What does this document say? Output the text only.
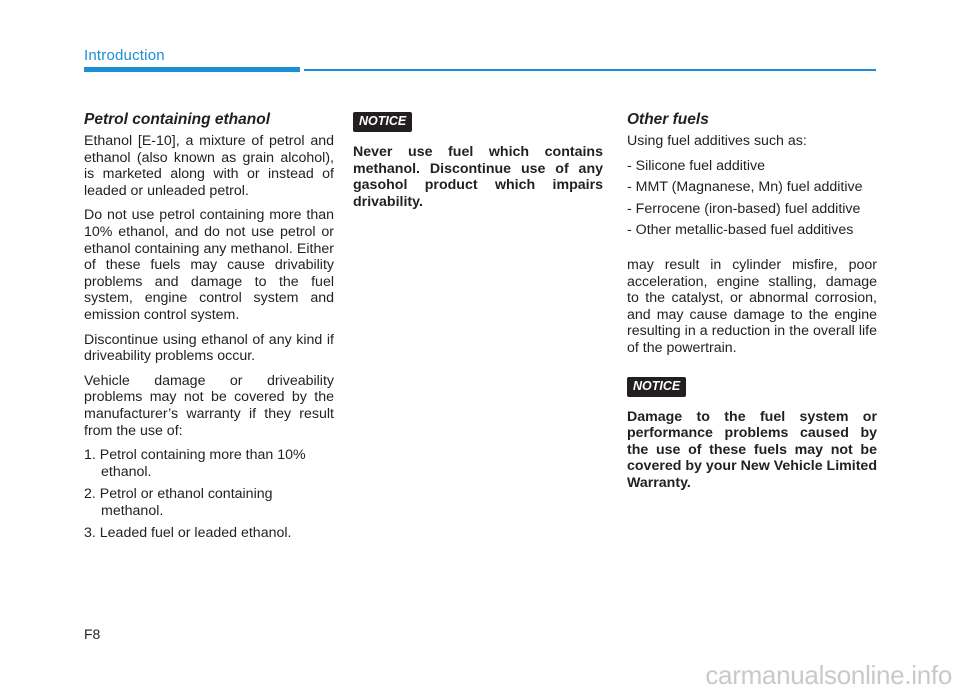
Introduction
Petrol containing ethanol

Ethanol [E-10], a mixture of petrol and ethanol (also known as grain alcohol), is marketed along with or instead of leaded or unleaded petrol.

Do not use petrol containing more than 10% ethanol, and do not use petrol or ethanol containing any methanol. Either of these fuels may cause drivability problems and damage to the fuel system, engine control system and emission control system.

Discontinue using ethanol of any kind if driveability problems occur.

Vehicle damage or driveability problems may not be covered by the manufacturer’s warranty if they result from the use of:

1. Petrol containing more than 10% ethanol.
2. Petrol or ethanol containing methanol.
3. Leaded fuel or leaded ethanol.
NOTICE

Never use fuel which contains methanol. Discontinue use of any gasohol product which impairs drivability.

Other fuels

Using fuel additives such as:

- Silicone fuel additive
- MMT (Magnanese, Mn) fuel additive
- Ferrocene (iron-based) fuel additive
- Other metallic-based fuel additives

may result in cylinder misfire, poor acceleration, engine stalling, damage to the catalyst, or abnormal corrosion, and may cause damage to the engine resulting in a reduction in the overall life of the powertrain.

NOTICE

Damage to the fuel system or performance problems caused by the use of these fuels may not be covered by your New Vehicle Limited Warranty.

F8
carmanualsonline.info
